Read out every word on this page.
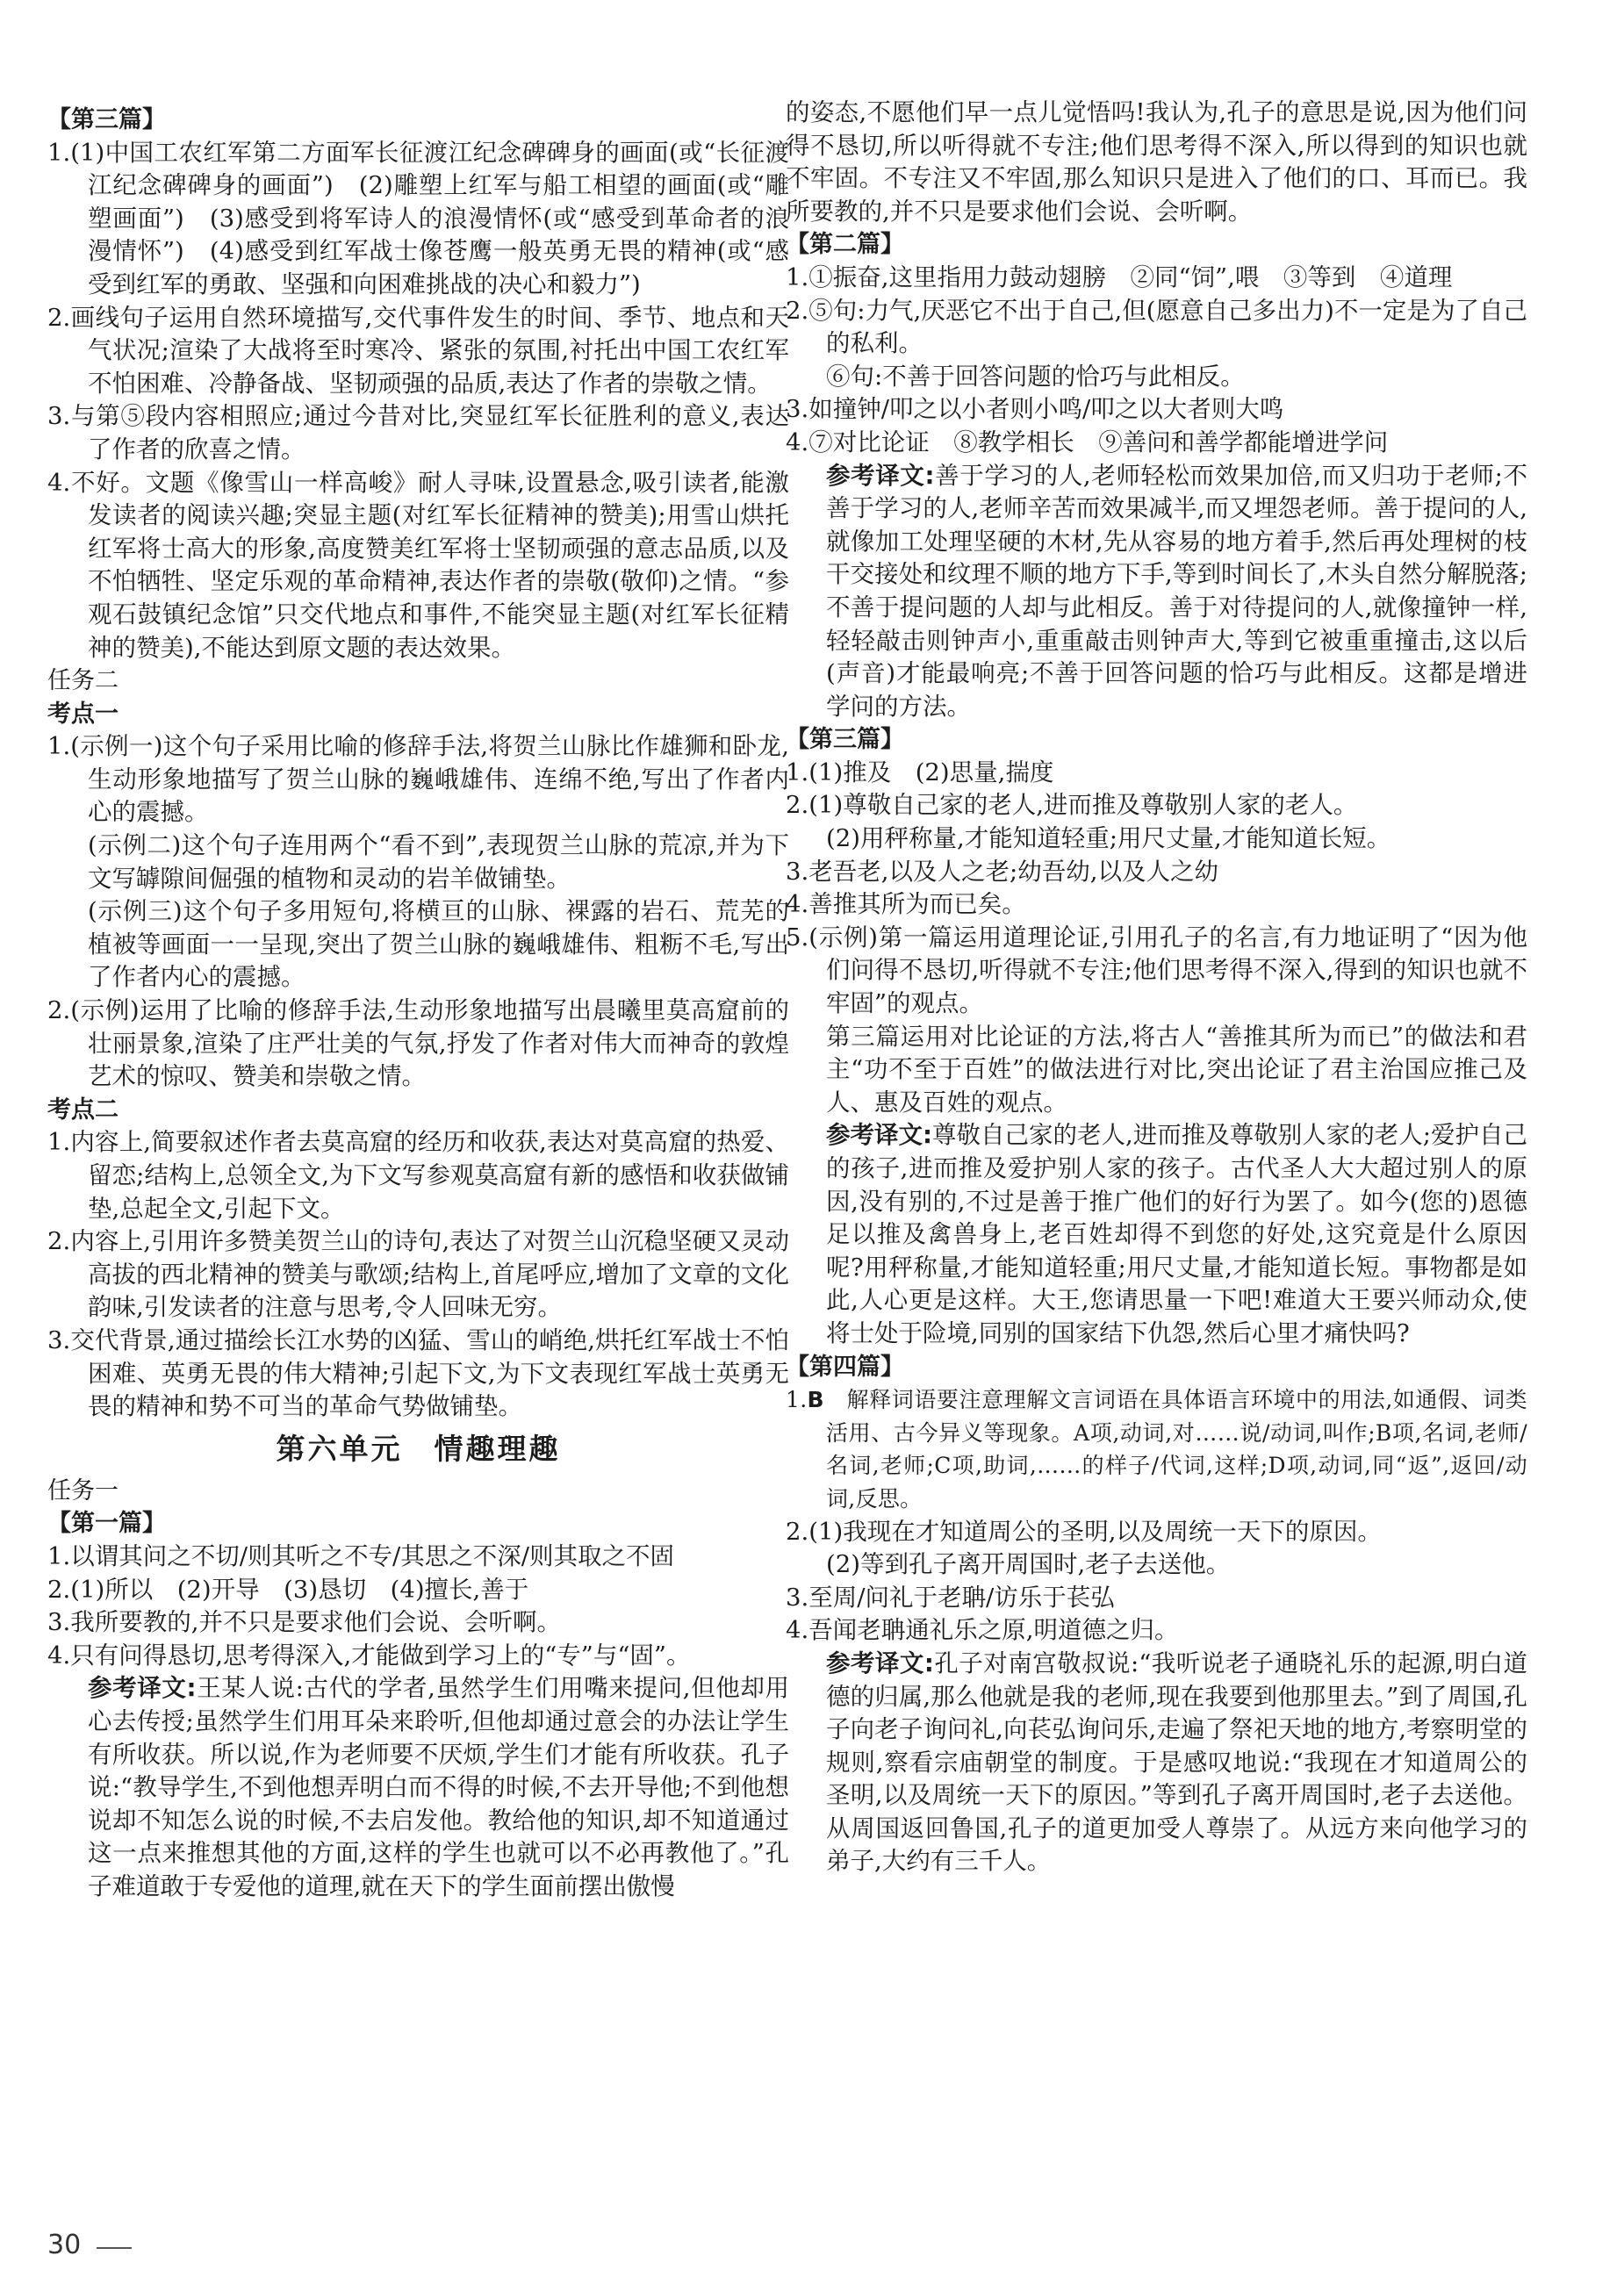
【第三篇】
1.(1)中国工农红军第二方面军长征渡江纪念碑碑身的画面(或“长征渡江纪念碑碑身的画面”)　(2)雕塑上红军与船工相望的画面(或“雕塑画面”)　(3)感受到将军诗人的浪漫情怀(或“感受到革命者的浪漫情怀”)　(4)感受到红军战士像苍鹰一般英勇无畏的精神(或“感受到红军的勇敢、坚强和向困难挑战的决心和毅力”)
2.画线句子运用自然环境描写,交代事件发生的时间、季节、地点和天气状况;渲染了大战将至时寒冷、紧张的氛围,衬托出中国工农红军不怕困难、冷静备战、坚韧顽强的品质,表达了作者的崇敬之情。
3.与第⑤段内容相照应;通过今昔对比,突显红军长征胜利的意义,表达了作者的欣喜之情。
4.不好。文题《像雪山一样高峻》耐人寻味,设置悬念,吸引读者,能激发读者的阅读兴趣;突显主题(对红军长征精神的赞美);用雪山烘托红军将士高大的形象,高度赞美红军将士坚韧顽强的意志品质,以及不怕牺牲、坚定乐观的革命精神,表达作者的崇敬(敬仰)之情。“参观石鼓镇纪念馆”只交代地点和事件,不能突显主题(对红军长征精神的赞美),不能达到原文题的表达效果。
任务二
考点一
1.(示例一)这个句子采用比喻的修辞手法,将贺兰山脉比作雄狮和卧龙,生动形象地描写了贺兰山脉的巍峨雄伟、连绵不绝,写出了作者内心的震撼。
(示例二)这个句子连用两个“看不到”,表现贺兰山脉的荒凉,并为下文写罅隙间倔强的植物和灵动的岩羊做铺垫。
(示例三)这个句子多用短句,将横亘的山脉、裸露的岩石、荒芜的植被等画面一一呈现,突出了贺兰山脉的巍峨雄伟、粗粝不毛,写出了作者内心的震撼。
2.(示例)运用了比喻的修辞手法,生动形象地描写出晨曦里莫高窟前的壮丽景象,渲染了庄严壮美的气氛,抒发了作者对伟大而神奇的敦煌艺术的惊叹、赞美和崇敬之情。
考点二
1.内容上,简要叙述作者去莫高窟的经历和收获,表达对莫高窟的热爱、留恋;结构上,总领全文,为下文写参观莫高窟有新的感悟和收获做铺垫,总起全文,引起下文。
2.内容上,引用许多赞美贺兰山的诗句,表达了对贺兰山沉稳坚硬又灵动高拔的西北精神的赞美与歌颂;结构上,首尾呼应,增加了文章的文化韵味,引发读者的注意与思考,令人回味无穷。
3.交代背景,通过描绘长江水势的凶猛、雪山的峭绝,烘托红军战士不怕困难、英勇无畏的伟大精神;引起下文,为下文表现红军战士英勇无畏的精神和势不可当的革命气势做铺垫。
第六单元　情趣理趣
任务一
【第一篇】
1.以谓其问之不切/则其听之不专/其思之不深/则其取之不固
2.(1)所以　(2)开导　(3)恳切　(4)擅长,善于
3.我所要教的,并不只是要求他们会说、会听啊。
4.只有问得恳切,思考得深入,才能做到学习上的“专”与“固”。
参考译文:王某人说:古代的学者,虽然学生们用嘴来提问,但他却用心去传授;虽然学生们用耳朵来聆听,但他却通过意会的办法让学生有所收获。所以说,作为老师要不厌烦,学生们才能有所收获。孔子说:“教导学生,不到他想弄明白而不得的时候,不去开导他;不到他想说却不知怎么说的时候,不去启发他。教给他的知识,却不知道通过这一点来推想其他的方面,这样的学生也就可以不必再教他了。”孔子难道敢于专爱他的道理,就在天下的学生面前摆出傲慢
的姿态,不愿他们早一点儿觉悟吗!我认为,孔子的意思是说,因为他们问得不恳切,所以听得就不专注;他们思考得不深入,所以得到的知识也就不牢固。不专注又不牢固,那么知识只是进入了他们的口、耳而已。我所要教的,并不只是要求他们会说、会听啊。
【第二篇】
1.①振奋,这里指用力鼓动翅膀　②同“饲”,喂　③等到　④道理
2.⑤句:力气,厌恶它不出于自己,但(愿意自己多出力)不一定是为了自己的私利。
⑥句:不善于回答问题的恰巧与此相反。
3.如撞钟/叩之以小者则小鸣/叩之以大者则大鸣
4.⑦对比论证　⑧教学相长　⑨善问和善学都能增进学问
参考译文:善于学习的人,老师轻松而效果加倍,而又归功于老师;不善于学习的人,老师辛苦而效果减半,而又埋怨老师。善于提问的人,就像加工处理坚硬的木材,先从容易的地方着手,然后再处理树的枝干交接处和纹理不顺的地方下手,等到时间长了,木头自然分解脱落;不善于提问题的人却与此相反。善于对待提问的人,就像撞钟一样,轻轻敲击则钟声小,重重敲击则钟声大,等到它被重重撞击,这以后(声音)才能最响亮;不善于回答问题的恰巧与此相反。这都是增进学问的方法。
【第三篇】
1.(1)推及　(2)思量,揣度
2.(1)尊敬自己家的老人,进而推及尊敬别人家的老人。
(2)用秤称量,才能知道轻重;用尺丈量,才能知道长短。
3.老吾老,以及人之老;幼吾幼,以及人之幼
4.善推其所为而已矣。
5.(示例)第一篇运用道理论证,引用孔子的名言,有力地证明了“因为他们问得不恳切,听得就不专注;他们思考得不深入,得到的知识也就不牢固”的观点。
第三篇运用对比论证的方法,将古人“善推其所为而已”的做法和君主“功不至于百姓”的做法进行对比,突出论证了君主治国应推己及人、惠及百姓的观点。
参考译文:尊敬自己家的老人,进而推及尊敬别人家的老人;爱护自己的孩子,进而推及爱护别人家的孩子。古代圣人大大超过别人的原因,没有别的,不过是善于推广他们的好行为罢了。如今(您的)恩德足以推及禽兽身上,老百姓却得不到您的好处,这究竟是什么原因呢?用秤称量,才能知道轻重;用尺丈量,才能知道长短。事物都是如此,人心更是这样。大王,您请思量一下吧!难道大王要兴师动众,使将士处于险境,同别的国家结下仇怨,然后心里才痛快吗?
【第四篇】
1.B　解释词语要注意理解文言词语在具体语言环境中的用法,如通假、词类活用、古今异义等现象。A项,动词,对……说/动词,叫作;B项,名词,老师/名词,老师;C项,助词,……的样子/代词,这样;D项,动词,同“返”,返回/动词,反思。
2.(1)我现在才知道周公的圣明,以及周统一天下的原因。
(2)等到孔子离开周国时,老子去送他。
3.至周/问礼于老聃/访乐于苌弘
4.吾闻老聃通礼乐之原,明道德之归。
参考译文:孔子对南宫敬叔说:“我听说老子通晓礼乐的起源,明白道德的归属,那么他就是我的老师,现在我要到他那里去。”到了周国,孔子向老子询问礼,向苌弘询问乐,走遍了祭祀天地的地方,考察明堂的规则,察看宗庙朝堂的制度。于是感叹地说:“我现在才知道周公的圣明,以及周统一天下的原因。”等到孔子离开周国时,老子去送他。从周国返回鲁国,孔子的道更加受人尊崇了。从远方来向他学习的弟子,大约有三千人。
30
